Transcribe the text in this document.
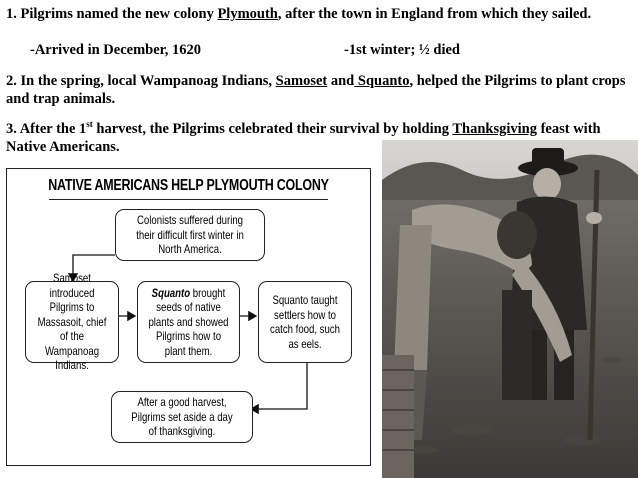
1. Pilgrims named the new colony Plymouth, after the town in England from which they sailed.

-Arrived in December, 1620	-1st winter; ½ died

2. In the spring, local Wampanoag Indians, Samoset and Squanto, helped the Pilgrims to plant crops and trap animals.

3. After the 1st harvest, the Pilgrims celebrated their survival by holding Thanksgiving feast with Native Americans.

NATIVE AMERICANS HELP PLYMOUTH COLONY
Colonists suffered during their difficult first winter in North America.
Samoset introduced Pilgrims to Massasoit, chief of the Wampanoag Indians.
Squanto brought seeds of native plants and showed Pilgrims how to plant them.
Squanto taught settlers how to catch food, such as eels.
After a good harvest, Pilgrims set aside a day of thanksgiving.
